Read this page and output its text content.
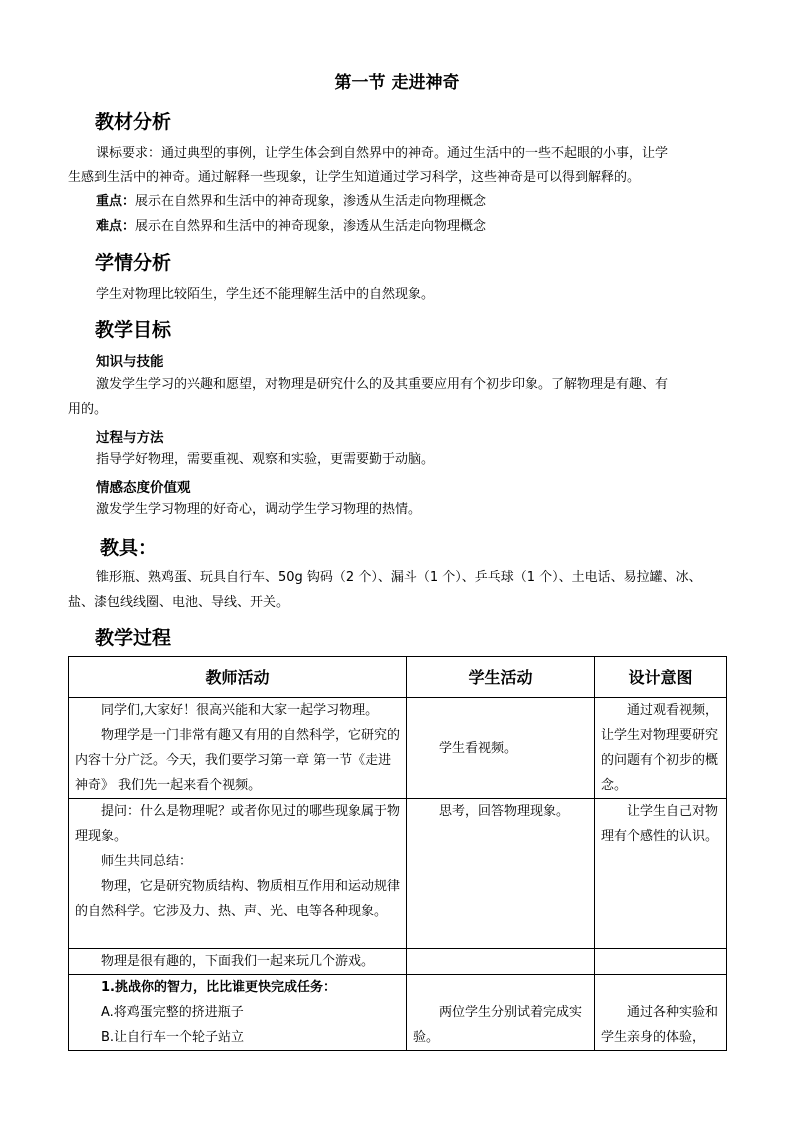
第一节 走进神奇
教材分析
课标要求：通过典型的事例，让学生体会到自然界中的神奇。通过生活中的一些不起眼的小事，让学
生感到生活中的神奇。通过解释一些现象，让学生知道通过学习科学，这些神奇是可以得到解释的。
重点：展示在自然界和生活中的神奇现象，渗透从生活走向物理概念
难点：展示在自然界和生活中的神奇现象，渗透从生活走向物理概念
学情分析
学生对物理比较陌生，学生还不能理解生活中的自然现象。
教学目标
知识与技能
激发学生学习的兴趣和愿望，对物理是研究什么的及其重要应用有个初步印象。了解物理是有趣、有
用的。
过程与方法
指导学好物理，需要重视、观察和实验，更需要勤于动脑。
情感态度价值观
激发学生学习物理的好奇心，调动学生学习物理的热情。
教具：
锥形瓶、熟鸡蛋、玩具自行车、50g 钩码（2 个）、漏斗（1 个）、乒乓球（1 个）、土电话、易拉罐、冰、
盐、漆包线线圈、电池、导线、开关。
教学过程
教师活动	学生活动	设计意图

同学们,大家好！很高兴能和大家一起学习物理。
物理学是一门非常有趣又有用的自然科学，它研究的内容十分广泛。今天，我们要学习第一章 第一节《走进神奇》 我们先一起来看个视频。	学生看视频。	通过观看视频，让学生对物理要研究的问题有个初步的概念。

提问：什么是物理呢？或者你见过的哪些现象属于物理现象。
师生共同总结：
物理，它是研究物质结构、物质相互作用和运动规律的自然科学。它涉及力、热、声、光、电等各种现象。	思考，回答物理现象。	让学生自己对物理有个感性的认识。

物理是很有趣的，下面我们一起来玩几个游戏。		

1.挑战你的智力，比比谁更快完成任务：
A.将鸡蛋完整的挤进瓶子
B.让自行车一个轮子站立	两位学生分别试着完成实验。	通过各种实验和学生亲身的体验，
